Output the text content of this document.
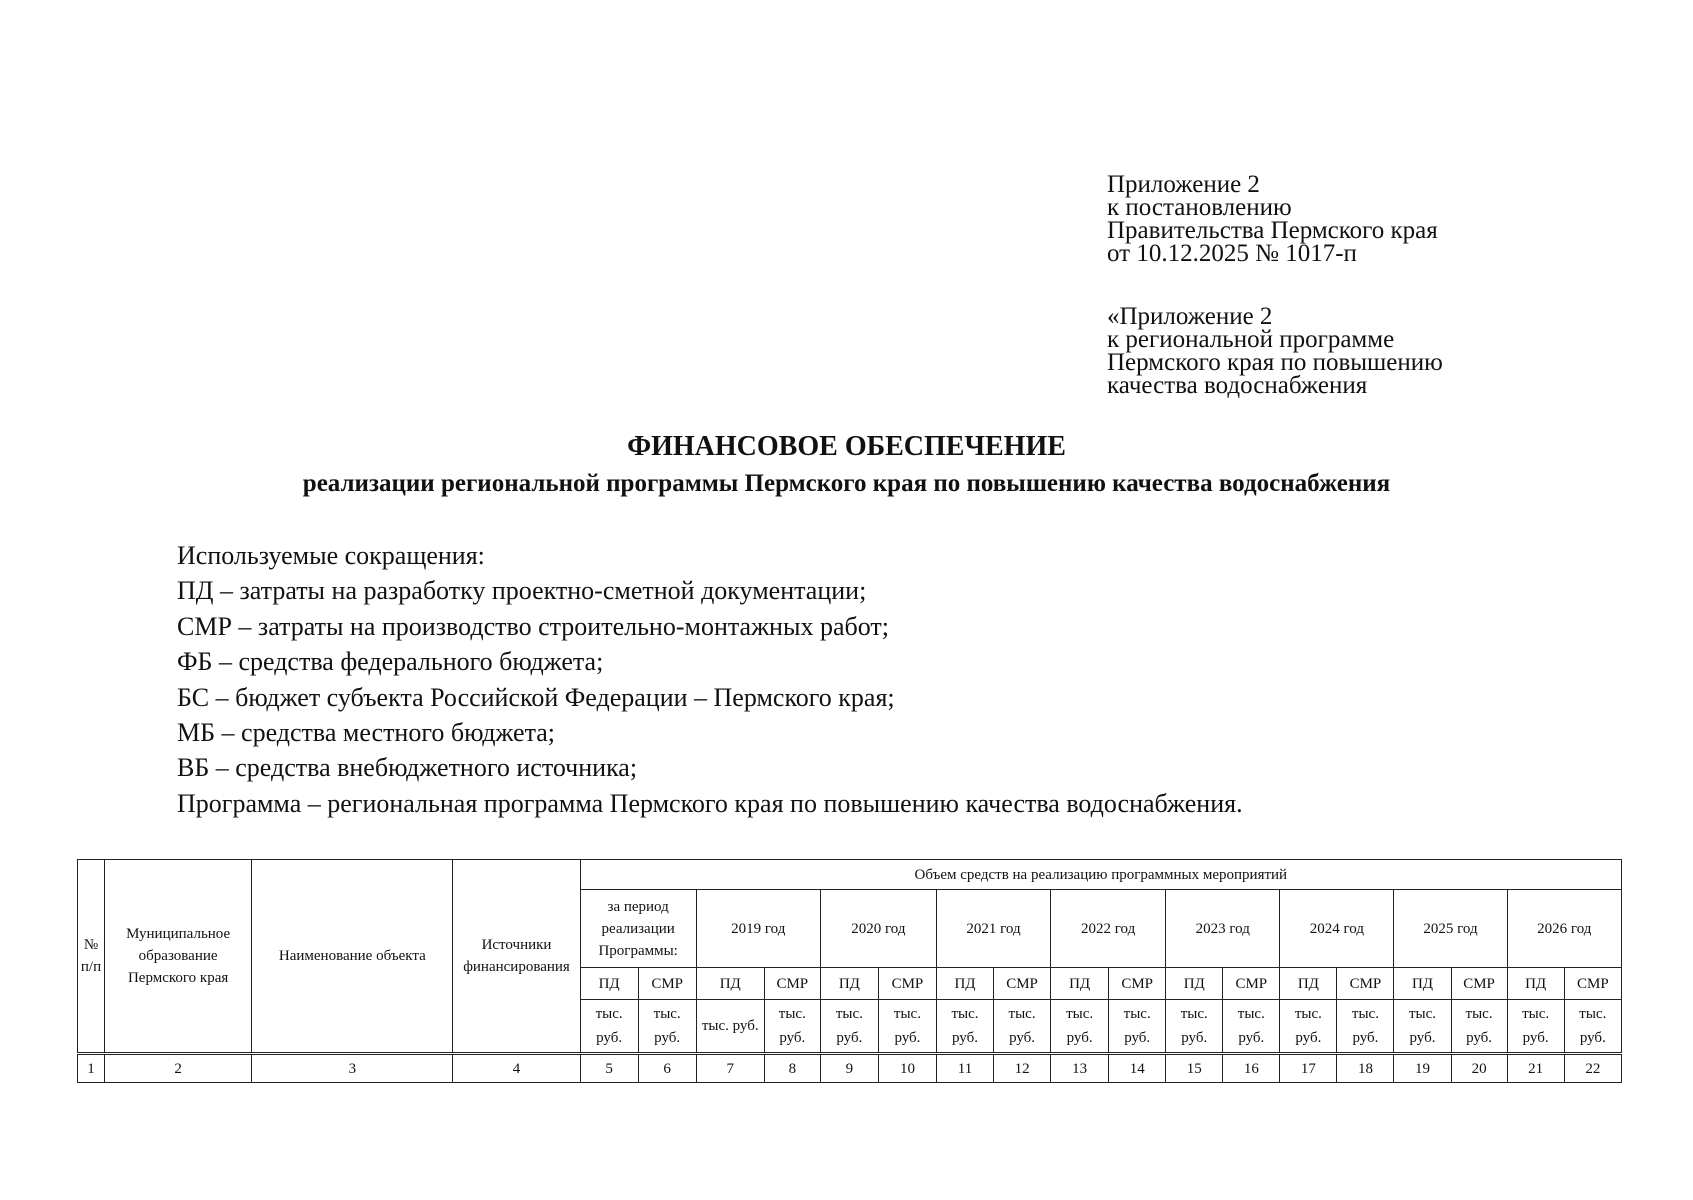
Приложение 2
к постановлению
Правительства Пермского края
от 10.12.2025 № 1017-п
«Приложение 2
к региональной программе
Пермского края по повышению
качества водоснабжения
ФИНАНСОВОЕ ОБЕСПЕЧЕНИЕ
реализации региональной программы Пермского края по повышению качества водоснабжения
Используемые сокращения:
ПД – затраты на разработку проектно-сметной документации;
СМР – затраты на производство строительно-монтажных работ;
ФБ – средства федерального бюджета;
БС – бюджет субъекта Российской Федерации – Пермского края;
МБ – средства местного бюджета;
ВБ – средства внебюджетного источника;
Программа – региональная программа Пермского края по повышению качества водоснабжения.
№ п/п	Муниципальное образование Пермского края	Наименование объекта	Источники финансирования	Объем средств на реализацию программных мероприятий																	
				за период реализации Программы:		2019 год		2020 год		2021 год		2022 год		2023 год		2024 год		2025 год		2026 год	
				ПД	СМР	ПД	СМР	ПД	СМР	ПД	СМР	ПД	СМР	ПД	СМР	ПД	СМР	ПД	СМР	ПД	СМР
				тыс. руб.	тыс. руб.	тыс. руб.	тыс. руб.	тыс. руб.	тыс. руб.	тыс. руб.	тыс. руб.	тыс. руб.	тыс. руб.	тыс. руб.	тыс. руб.	тыс. руб.	тыс. руб.	тыс. руб.	тыс. руб.	тыс. руб.	тыс. руб.
1	2	3	4	5	6	7	8	9	10	11	12	13	14	15	16	17	18	19	20	21	22
